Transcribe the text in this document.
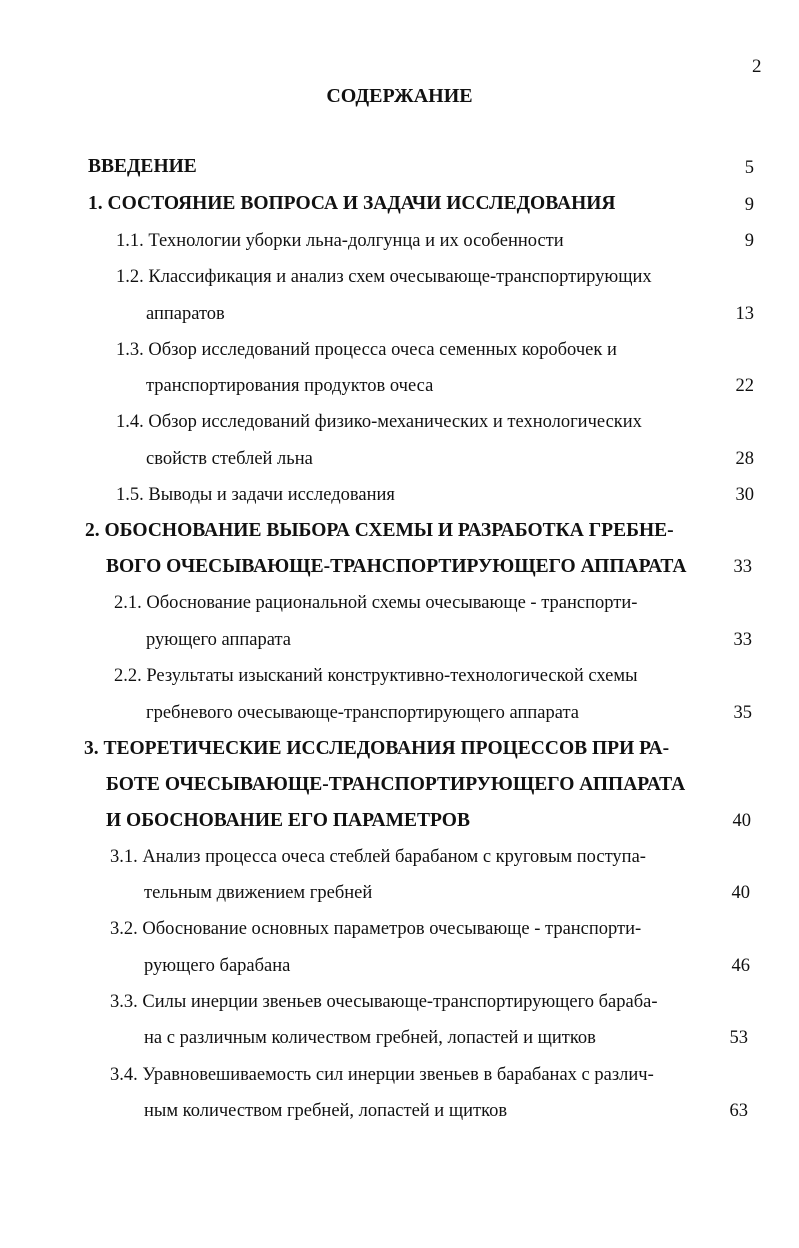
2
СОДЕРЖАНИЕ
ВВЕДЕНИЕ	5
1. СОСТОЯНИЕ ВОПРОСА И ЗАДАЧИ ИССЛЕДОВАНИЯ	9
1.1. Технологии уборки льна-долгунца и их особенности	9
1.2. Классификация и анализ схем очесывающе-транспортирующих
аппаратов	13
1.3. Обзор исследований процесса очеса семенных коробочек и
транспортирования продуктов очеса	22
1.4. Обзор исследований физико-механических и технологических
свойств стеблей льна	28
1.5. Выводы и задачи исследования	30
2. ОБОСНОВАНИЕ ВЫБОРА СХЕМЫ И РАЗРАБОТКА ГРЕБНЕ-
ВОГО ОЧЕСЫВАЮЩЕ-ТРАНСПОРТИРУЮЩЕГО АППАРАТА	33
2.1. Обоснование рациональной схемы очесывающе - транспорти-
рующего аппарата	33
2.2. Результаты изысканий конструктивно-технологической схемы
гребневого очесывающе-транспортирующего аппарата	35
3. ТЕОРЕТИЧЕСКИЕ ИССЛЕДОВАНИЯ ПРОЦЕССОВ ПРИ РА-
БОТЕ ОЧЕСЫВАЮЩЕ-ТРАНСПОРТИРУЮЩЕГО АППАРАТА
И ОБОСНОВАНИЕ ЕГО ПАРАМЕТРОВ	40
3.1. Анализ процесса очеса стеблей барабаном с круговым поступа-
тельным движением гребней	40
3.2. Обоснование основных параметров очесывающе - транспорти-
рующего барабана	46
3.3. Силы инерции звеньев очесывающе-транспортирующего бараба-
на с различным количеством гребней, лопастей и щитков	53
3.4. Уравновешиваемость сил инерции звеньев в барабанах с различ-
ным количеством гребней, лопастей и щитков	63
